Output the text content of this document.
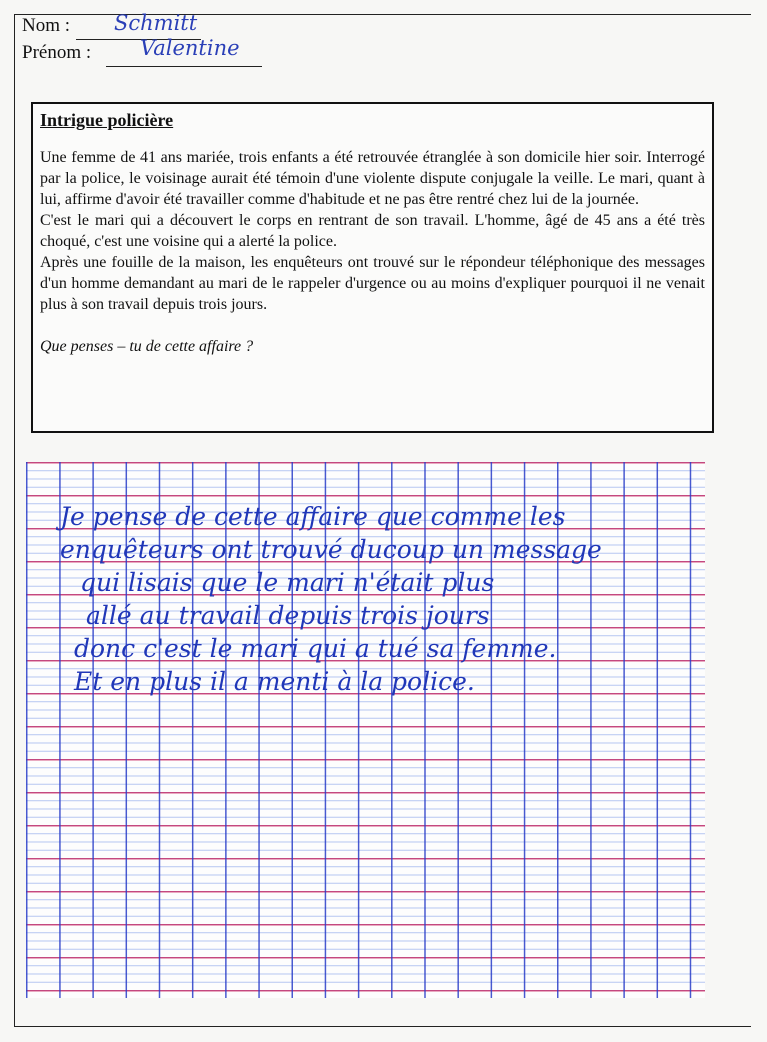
Nom : Schmitt
Prénom : Valentine
Intrigue policière

Une femme de 41 ans mariée, trois enfants a été retrouvée étranglée à son domicile hier soir. Interrogé par la police, le voisinage aurait été témoin d'une violente dispute conjugale la veille. Le mari, quant à lui, affirme d'avoir été travailler comme d'habitude et ne pas être rentré chez lui de la journée.

C'est le mari qui a découvert le corps en rentrant de son travail. L'homme, âgé de 45 ans a été très choqué, c'est une voisine qui a alerté la police.

Après une fouille de la maison, les enquêteurs ont trouvé sur le répondeur téléphonique des messages d'un homme demandant au mari de le rappeler d'urgence ou au moins d'expliquer pourquoi il ne venait plus à son travail depuis trois jours.

Que penses – tu de cette affaire ?

Je pense de cette affaire que comme les
enquêteurs ont trouvé ducoup un message
qui lisais que le mari n'était plus
allé au travail depuis trois jours
donc c'est le mari qui a tué sa femme.
Et en plus il a menti à la police.
